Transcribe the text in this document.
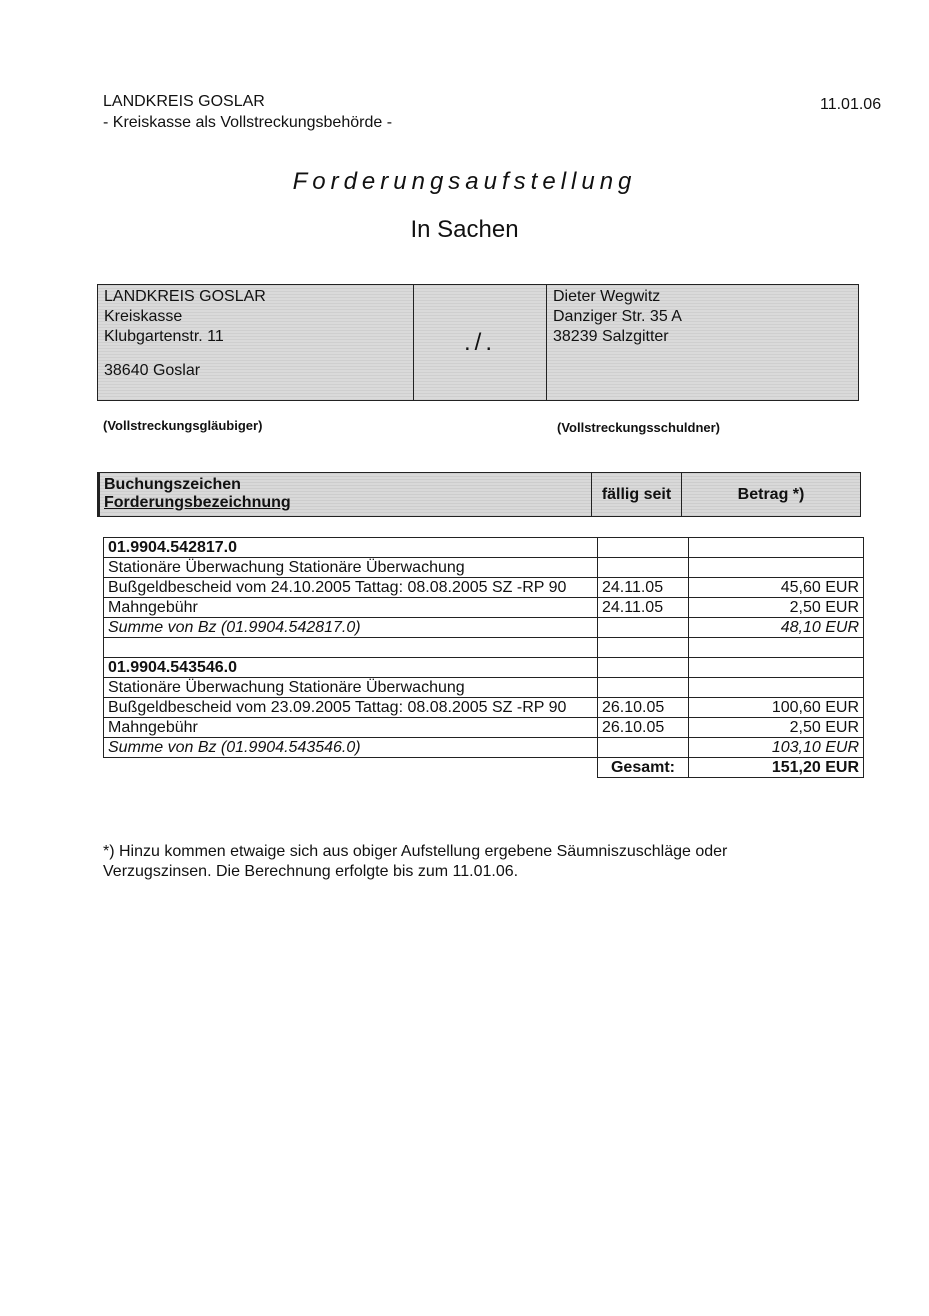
LANDKREIS GOSLAR
- Kreiskasse als Vollstreckungsbehörde -
11.01.06
Forderungsaufstellung
In Sachen
LANDKREIS GOSLAR
Kreiskasse
Klubgartenstr. 11
38640 Goslar
./.
Dieter Wegwitz
Danziger Str. 35 A
38239 Salzgitter
(Vollstreckungsgläubiger)	(Vollstreckungsschuldner)
Buchungszeichen
Forderungsbezeichnung	fällig seit	Betrag *)
01.9904.542817.0		
Stationäre Überwachung Stationäre Überwachung		
Bußgeldbescheid vom 24.10.2005 Tattag: 08.08.2005 SZ -RP 90	24.11.05	45,60 EUR
Mahngebühr	24.11.05	2,50 EUR
Summe von Bz (01.9904.542817.0)		48,10 EUR

01.9904.543546.0		
Stationäre Überwachung Stationäre Überwachung		
Bußgeldbescheid vom 23.09.2005 Tattag: 08.08.2005 SZ -RP 90	26.10.05	100,60 EUR
Mahngebühr	26.10.05	2,50 EUR
Summe von Bz (01.9904.543546.0)		103,10 EUR
	Gesamt:	151,20 EUR
*) Hinzu kommen etwaige sich aus obiger Aufstellung ergebene Säumniszuschläge oder Verzugszinsen. Die Berechnung erfolgte bis zum 11.01.06.
